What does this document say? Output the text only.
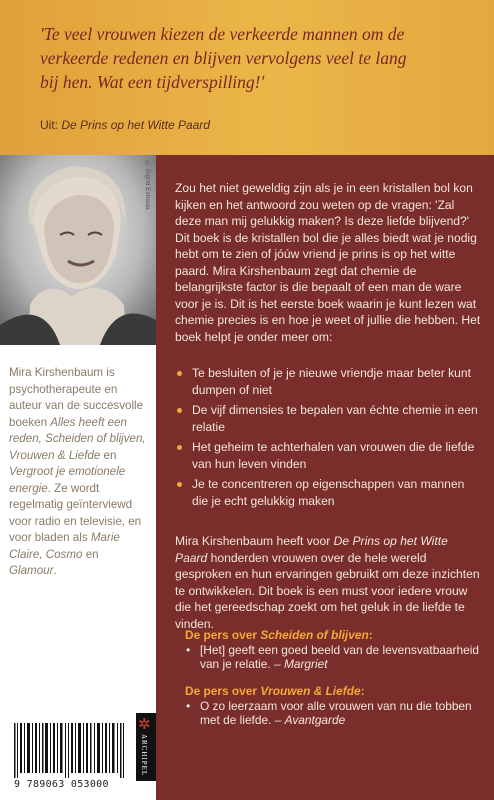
'Te veel vrouwen kiezen de verkeerde mannen om de
verkeerde redenen en blijven vervolgens veel te lang
bij hen. Wat een tijdverspilling!'
Uit: De Prins op het Witte Paard
© Sigrid Estrada
Mira Kirshenbaum is psychotherapeute en auteur van de succesvolle boeken Alles heeft een reden, Scheiden of blijven, Vrouwen & Liefde en Vergroot je emotionele energie. Ze wordt regelmatig geïnterviewd voor radio en televisie, en voor bladen als Marie Claire, Cosmo en Glamour.

Zou het niet geweldig zijn als je in een kristallen bol kon kijken en het antwoord zou weten op de vragen: 'Zal deze man mij gelukkig maken? Is deze liefde blijvend?' Dit boek is de kristallen bol die je alles biedt wat je nodig hebt om te zien of jóúw vriend je prins is op het witte paard. Mira Kirshenbaum zegt dat chemie de belangrijkste factor is die bepaalt of een man de ware voor je is. Dit is het eerste boek waarin je kunt lezen wat chemie precies is en hoe je weet of jullie die hebben. Het boek helpt je onder meer om:

Te besluiten of je je nieuwe vriendje maar beter kunt dumpen of niet
De vijf dimensies te bepalen van échte chemie in een relatie
Het geheim te achterhalen van vrouwen die de liefde van hun leven vinden
Je te concentreren op eigenschappen van mannen die je echt gelukkig maken

Mira Kirshenbaum heeft voor De Prins op het Witte Paard honderden vrouwen over de hele wereld gesproken en hun ervaringen gebruikt om deze inzichten te ontwikkelen. Dit boek is een must voor iedere vrouw die het gereedschap zoekt om het geluk in de liefde te vinden.

De pers over Scheiden of blijven:
• [Het] geeft een goed beeld van de levensvatbaarheid van je relatie. – Margriet
De pers over Vrouwen & Liefde:
• O zo leerzaam voor alle vrouwen van nu die tobben met de liefde. – Avantgarde
9 789063 053000
✲
ARCHIPEL
